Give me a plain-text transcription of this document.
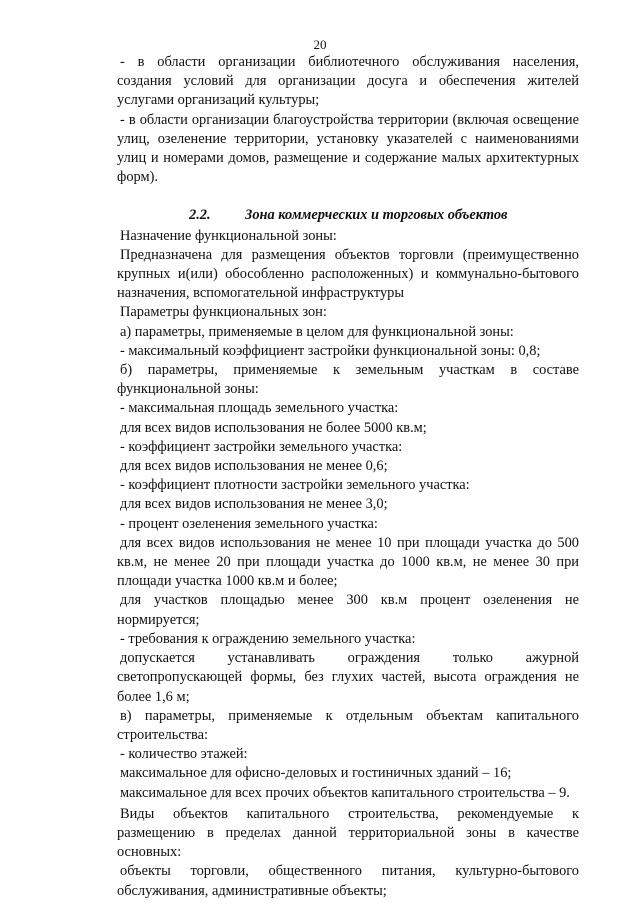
20

- в области организации библиотечного обслуживания населения, создания условий для организации досуга и обеспечения жителей услугами организаций культуры;

- в области организации благоустройства территории (включая освещение улиц, озеленение территории, установку указателей с наименованиями улиц и номерами домов, размещение и содержание малых архитектурных форм).

2.2. Зона коммерческих и торговых объектов

Назначение функциональной зоны:

Предназначена для размещения объектов торговли (преимущественно крупных и(или) обособленно расположенных) и коммунально-бытового назначения, вспомогательной инфраструктуры

Параметры функциональных зон:

а) параметры, применяемые в целом для функциональной зоны:

- максимальный коэффициент застройки функциональной зоны: 0,8;

б) параметры, применяемые к земельным участкам в составе функциональной зоны:

- максимальная площадь земельного участка:

для всех видов использования не более 5000 кв.м;

- коэффициент застройки земельного участка:

для всех видов использования не менее 0,6;

- коэффициент плотности застройки земельного участка:

для всех видов использования не менее 3,0;

- процент озеленения земельного участка:

для всех видов использования не менее 10 при площади участка до 500 кв.м, не менее 20 при площади участка до 1000 кв.м, не менее 30 при площади участка 1000 кв.м и более;

для участков площадью менее 300 кв.м процент озеленения не нормируется;

- требования к ограждению земельного участка:

допускается устанавливать ограждения только ажурной светопропускающей формы, без глухих частей, высота ограждения не более 1,6 м;

в) параметры, применяемые к отдельным объектам капитального строительства:

- количество этажей:

максимальное для офисно-деловых и гостиничных зданий – 16;

максимальное для всех прочих объектов капитального строительства – 9.

Виды объектов капитального строительства, рекомендуемые к размещению в пределах данной территориальной зоны в качестве основных:

объекты торговли, общественного питания, культурно-бытового обслуживания, административные объекты;
